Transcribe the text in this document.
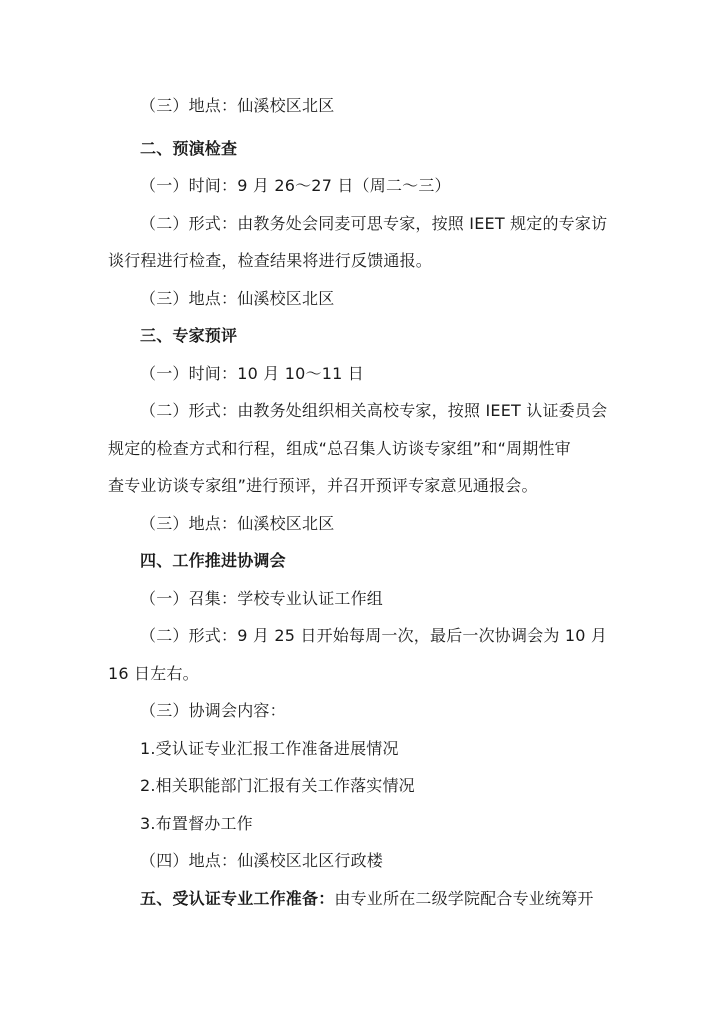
（三）地点：仙溪校区北区
二、预演检查
（一）时间：9 月 26～27 日（周二～三）
（二）形式：由教务处会同麦可思专家，按照 IEET 规定的专家访
谈行程进行检查，检查结果将进行反馈通报。
（三）地点：仙溪校区北区
三、专家预评
（一）时间：10 月 10～11 日
（二）形式：由教务处组织相关高校专家，按照 IEET 认证委员会
规定的检查方式和行程，组成“总召集人访谈专家组”和“周期性审
查专业访谈专家组”进行预评，并召开预评专家意见通报会。
（三）地点：仙溪校区北区
四、工作推进协调会
（一）召集：学校专业认证工作组
（二）形式：9 月 25 日开始每周一次，最后一次协调会为 10 月
16 日左右。
（三）协调会内容：
1.受认证专业汇报工作准备进展情况
2.相关职能部门汇报有关工作落实情况
3.布置督办工作
（四）地点：仙溪校区北区行政楼
五、受认证专业工作准备：由专业所在二级学院配合专业统筹开
